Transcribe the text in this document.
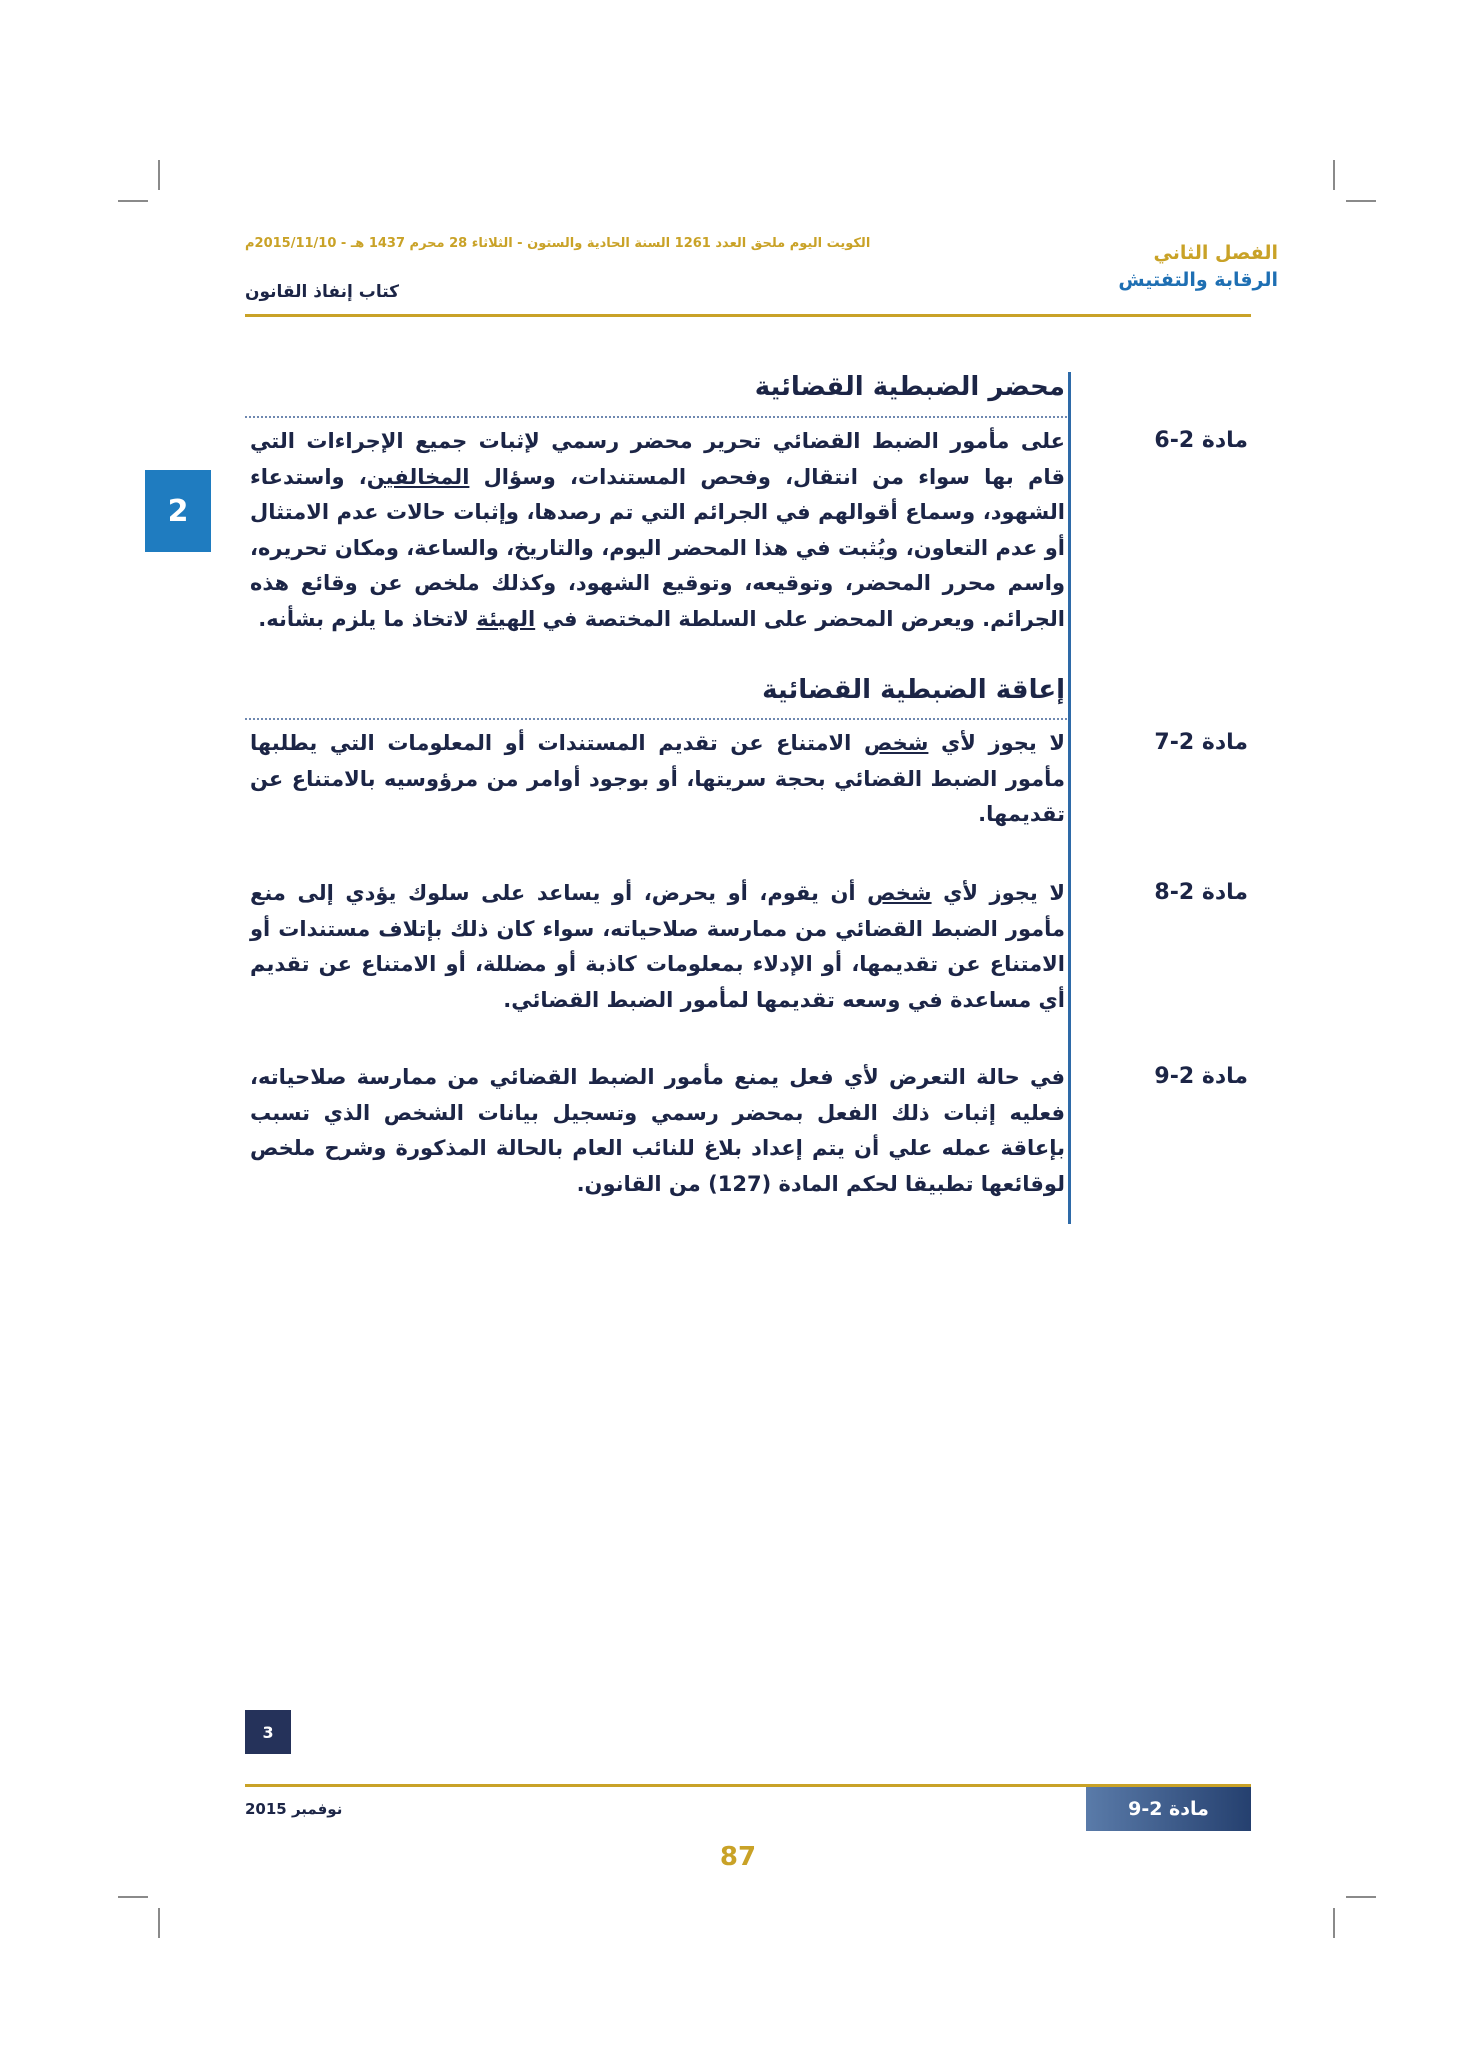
الفصل الثاني
الرقابة والتفتيش
الكويت اليوم ملحق العدد 1261 السنة الحادية والستون - الثلاثاء 28 محرم 1437 هـ - 2015/11/10م
كتاب إنفاذ القانون
2
محضر الضبطية القضائية
مادة 2-6
على مأمور الضبط القضائي تحرير محضر رسمي لإثبات جميع الإجراءات التي قام بها سواء من انتقال، وفحص المستندات، وسؤال المخالفين، واستدعاء الشهود، وسماع أقوالهم في الجرائم التي تم رصدها، وإثبات حالات عدم الامتثال أو عدم التعاون، ويُثبت في هذا المحضر اليوم، والتاريخ، والساعة، ومكان تحريره، واسم محرر المحضر، وتوقيعه، وتوقيع الشهود، وكذلك ملخص عن وقائع هذه الجرائم. ويعرض المحضر على السلطة المختصة في الهيئة لاتخاذ ما يلزم بشأنه.
إعاقة الضبطية القضائية
مادة 2-7
لا يجوز لأي شخص الامتناع عن تقديم المستندات أو المعلومات التي يطلبها مأمور الضبط القضائي بحجة سريتها، أو بوجود أوامر من مرؤوسيه بالامتناع عن تقديمها.
مادة 2-8
لا يجوز لأي شخص أن يقوم، أو يحرض، أو يساعد على سلوك يؤدي إلى منع مأمور الضبط القضائي من ممارسة صلاحياته، سواء كان ذلك بإتلاف مستندات أو الامتناع عن تقديمها، أو الإدلاء بمعلومات كاذبة أو مضللة، أو الامتناع عن تقديم أي مساعدة في وسعه تقديمها لمأمور الضبط القضائي.
مادة 2-9
في حالة التعرض لأي فعل يمنع مأمور الضبط القضائي من ممارسة صلاحياته، فعليه إثبات ذلك الفعل بمحضر رسمي وتسجيل بيانات الشخص الذي تسبب بإعاقة عمله علي أن يتم إعداد بلاغ للنائب العام بالحالة المذكورة وشرح ملخص لوقائعها تطبيقا لحكم المادة (127) من القانون.
3
نوفمبر 2015	مادة 2-9
87
